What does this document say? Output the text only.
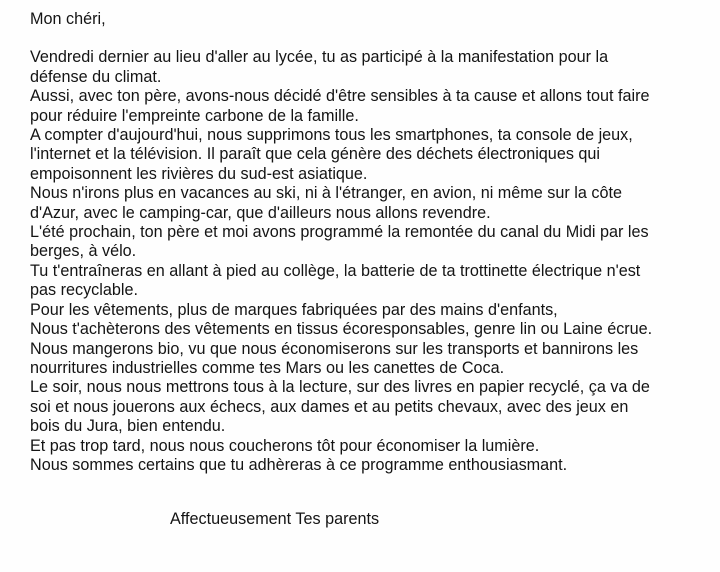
Mon chéri,
Vendredi dernier au lieu d'aller au lycée, tu as participé à la manifestation pour la
défense du climat.
Aussi, avec ton père, avons-nous décidé d'être sensibles à ta cause et allons tout faire
pour réduire l'empreinte carbone de la famille.
A compter d'aujourd'hui, nous supprimons tous les smartphones, ta console de jeux,
l'internet et la télévision. Il paraît que cela génère des déchets électroniques qui
empoisonnent les rivières du sud-est asiatique.
Nous n'irons plus en vacances au ski, ni à l'étranger, en avion, ni même sur la côte
d'Azur, avec le camping-car, que d'ailleurs nous allons revendre.
L'été prochain, ton père et moi avons programmé la remontée du canal du Midi par les
berges, à vélo.
Tu t'entraîneras en allant à pied au collège, la batterie de ta trottinette électrique n'est
pas recyclable.
Pour les vêtements, plus de marques fabriquées par des mains d'enfants,
Nous t'achèterons des vêtements en tissus écoresponsables, genre lin ou Laine écrue.
Nous mangerons bio, vu que nous économiserons sur les transports et bannirons les
nourritures industrielles comme tes Mars ou les canettes de Coca.
Le soir, nous nous mettrons tous à la lecture, sur des livres en papier recyclé, ça va de
soi et nous jouerons aux échecs, aux dames et au petits chevaux, avec des jeux en
bois du Jura, bien entendu.
Et pas trop tard, nous nous coucherons tôt pour économiser la lumière.
Nous sommes certains que tu adhèreras à ce programme enthousiasmant.
Affectueusement Tes parents
